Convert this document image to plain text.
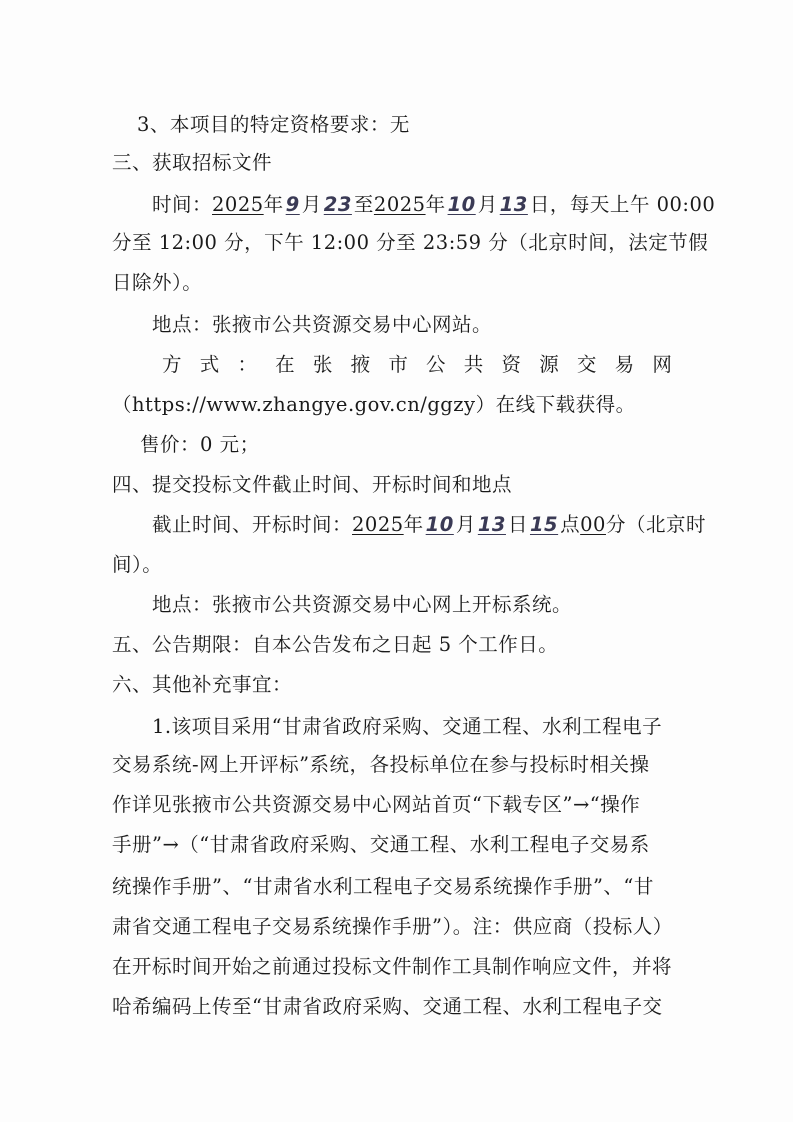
3、本项目的特定资格要求：无
三、获取招标文件
时间：2025年 9 月 23 至2025年 10 月 13 日，每天上午 00:00
分至 12:00 分，下午 12:00 分至 23:59 分（北京时间，法定节假
日除外）。
地点：张掖市公共资源交易中心网站。
方 式 ： 在 张 掖 市 公 共 资 源 交 易 网
（https://www.zhangye.gov.cn/ggzy）在线下载获得。
售价：0 元；
四、提交投标文件截止时间、开标时间和地点
截止时间、开标时间：2025年 10 月 13 日 15 点00分（北京时
间）。
地点：张掖市公共资源交易中心网上开标系统。
五、公告期限：自本公告发布之日起 5 个工作日。
六、其他补充事宜：
1.该项目采用“甘肃省政府采购、交通工程、水利工程电子
交易系统-网上开评标”系统，各投标单位在参与投标时相关操
作详见张掖市公共资源交易中心网站首页“下载专区”→“操作
手册”→（“甘肃省政府采购、交通工程、水利工程电子交易系
统操作手册”、“甘肃省水利工程电子交易系统操作手册”、“甘
肃省交通工程电子交易系统操作手册”）。注：供应商（投标人）
在开标时间开始之前通过投标文件制作工具制作响应文件，并将
哈希编码上传至“甘肃省政府采购、交通工程、水利工程电子交
